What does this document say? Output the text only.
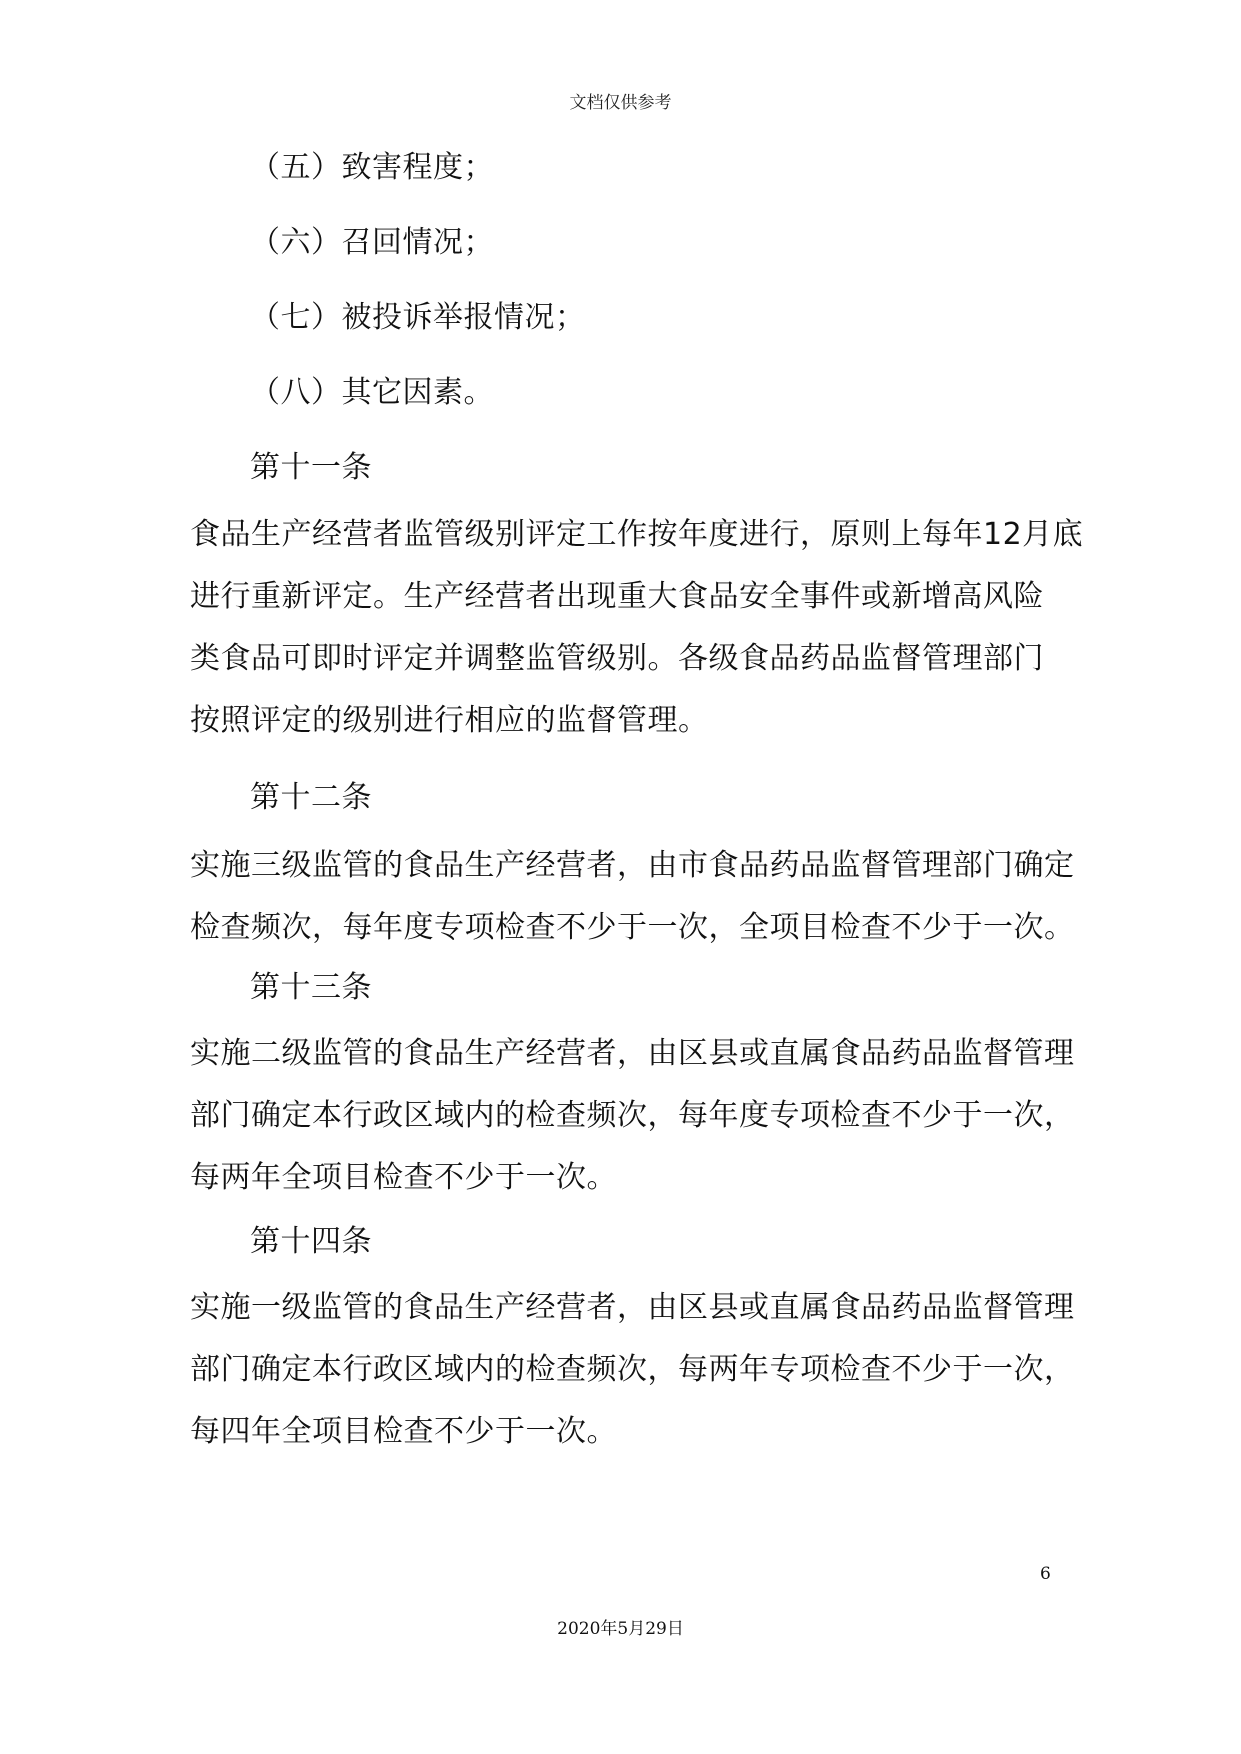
文档仅供参考
（五）致害程度；
（六）召回情况；
（七）被投诉举报情况；
（八）其它因素。
第十一条
食品生产经营者监管级别评定工作按年度进行，原则上每年12月底
进行重新评定。生产经营者出现重大食品安全事件或新增高风险
类食品可即时评定并调整监管级别。各级食品药品监督管理部门
按照评定的级别进行相应的监督管理。
第十二条
实施三级监管的食品生产经营者，由市食品药品监督管理部门确定
检查频次，每年度专项检查不少于一次，全项目检查不少于一次。
第十三条
实施二级监管的食品生产经营者，由区县或直属食品药品监督管理
部门确定本行政区域内的检查频次，每年度专项检查不少于一次，
每两年全项目检查不少于一次。
第十四条
实施一级监管的食品生产经营者，由区县或直属食品药品监督管理
部门确定本行政区域内的检查频次，每两年专项检查不少于一次，
每四年全项目检查不少于一次。
6
2020年5月29日
